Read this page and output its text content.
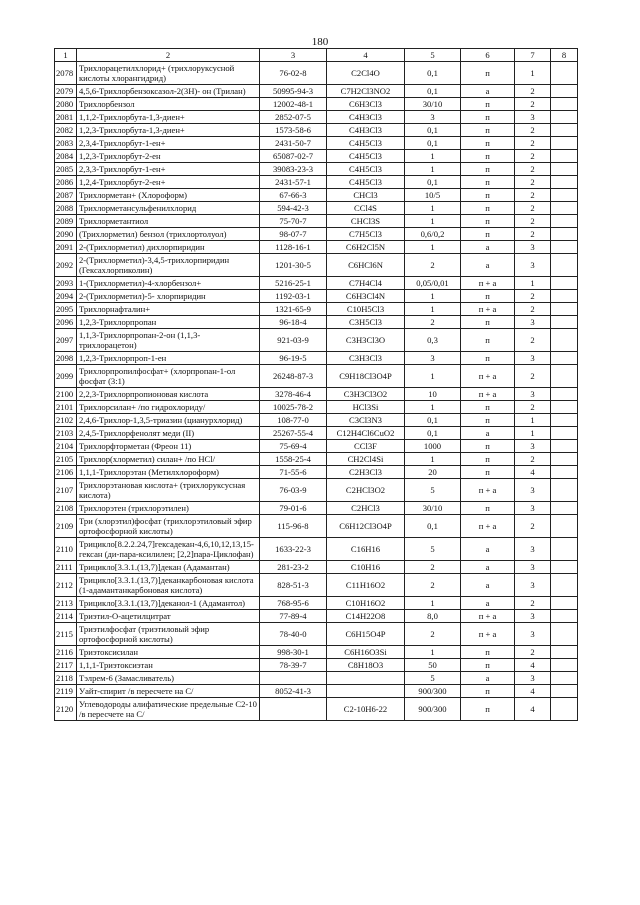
180
1	2	3	4	5	6	7	8
2078	Трихлорацетилхлорид+ (трихлоруксусной кислоты хлорангидрид)	76-02-8	C2Cl4O	0,1	п	1	
2079	4,5,6-Трихлорбензоксазол-2(3Н)- он (Трилан)	50995-94-3	C7H2Cl3NO2	0,1	а	2	
2080	Трихлорбензол	12002-48-1	C6H3Cl3	30/10	п	2	
2081	1,1,2-Трихлорбута-1,3-диен+	2852-07-5	C4H3Cl3	3	п	3	
2082	1,2,3-Трихлорбута-1,3-диен+	1573-58-6	C4H3Cl3	0,1	п	2	
2083	2,3,4-Трихлорбут-1-ен+	2431-50-7	C4H5Cl3	0,1	п	2	
2084	1,2,3-Трихлорбут-2-ен	65087-02-7	C4H5Cl3	1	п	2	
2085	2,3,3-Трихлорбут-1-ен+	39083-23-3	C4H5Cl3	1	п	2	
2086	1,2,4-Трихлорбут-2-ен+	2431-57-1	C4H5Cl3	0,1	п	2	
2087	Трихлорметан+ (Хлороформ)	67-66-3	CHCl3	10/5	п	2	
2088	Трихлорметансульфенилхлорид	594-42-3	CCl4S	1	п	2	
2089	Трихлорметантиол	75-70-7	CHCl3S	1	п	2	
2090	(Трихлорметил) бензол (трихлортолуол)	98-07-7	C7H5Cl3	0,6/0,2	п	2	
2091	2-(Трихлорметил) дихлорпиридин	1128-16-1	C6H2Cl5N	1	а	3	
2092	2-(Трихлорметил)-3,4,5-трихлорпиридин (Гексахлорпиколин)	1201-30-5	C6HCl6N	2	а	3	
2093	1-(Трихлорметил)-4-хлорбензол+	5216-25-1	C7H4Cl4	0,05/0,01	п + а	1	
2094	2-(Трихлорметил)-5- хлорпиридин	1192-03-1	C6H3Cl4N	1	п	2	
2095	Трихлорнафталин+	1321-65-9	C10H5Cl3	1	п + а	2	
2096	1,2,3-Трихлорпропан	96-18-4	C3H5Cl3	2	п	3	
2097	1,1,3-Трихлорпропан-2-он (1,1,3-трихлорацетон)	921-03-9	C3H3Cl3O	0,3	п	2	
2098	1,2,3-Трихлорпроп-1-ен	96-19-5	C3H3Cl3	3	п	3	
2099	Трихлорпропилфосфат+ (хлорпропан-1-ол фосфат (3:1)	26248-87-3	C9H18Cl3O4P	1	п + а	2	
2100	2,2,3-Трихлорпропионовая кислота	3278-46-4	C3H3Cl3O2	10	п + а	3	
2101	Трихлорсилан+ /по гидрохлориду/	10025-78-2	HCl3Si	1	п	2	
2102	2,4,6-Трихлор-1,3,5-триазин (цианурхлорид)	108-77-0	C3Cl3N3	0,1	п	1	
2103	2,4,5-Трихлорфенолят меди (II)	25267-55-4	C12H4Cl6CuO2	0,1	а	1	
2104	Трихлорфторметан (Фреон 11)	75-69-4	CCl3F	1000	п	3	
2105	Трихлор(хлорметил) силан+ /по HCl/	1558-25-4	CH2Cl4Si	1	п	2	
2106	1,1,1-Трихлорэтан (Метилхлороформ)	71-55-6	C2H3Cl3	20	п	4	
2107	Трихлорэтановая кислота+ (трихлоруксусная кислота)	76-03-9	C2HCl3O2	5	п + а	3	
2108	Трихлорэтен (трихлорэтилен)	79-01-6	C2HCl3	30/10	п	3	
2109	Три (хлорэтил)фосфат (трихлорэтиловый эфир ортофосфорной кислоты)	115-96-8	C6H12Cl3O4P	0,1	п + а	2	
2110	Трицикло[8.2.2.24,7]гексадекан-4,6,10,12,13,15-гексан (ди-пара-ксилилен; [2,2]пара-Циклофан)	1633-22-3	C16H16	5	а	3	
2111	Трицикло[3.3.1.(13,7)]декан (Адамантан)	281-23-2	C10H16	2	а	3	
2112	Трицикло[3.3.1.(13,7)]деканкарбоновая кислота (1-адамантанкарбоновая кислота)	828-51-3	C11H16O2	2	а	3	
2113	Трицикло[3.3.1.(13,7)]деканол-1 (Адамантол)	768-95-6	C10H16O2	1	а	2	
2114	Триэтил-О-ацетилцитрат	77-89-4	C14H22O8	8,0	п + а	3	
2115	Триэтилфосфат (триэтиловый эфир ортофосфорной кислоты)	78-40-0	C6H15O4P	2	п + а	3	
2116	Триэтоксисилан	998-30-1	C6H16O3Si	1	п	2	
2117	1,1,1-Триэтоксиэтан	78-39-7	C8H18O3	50	п	4	
2118	Тэлрем-6 (Замасливатель)			5	а	3	
2119	Уайт-спирит /в пересчете на С/	8052-41-3		900/300	п	4	
2120	Углеводороды алифатические предельные С2-10 /в пересчете на С/		C2-10H6-22	900/300	п	4	
